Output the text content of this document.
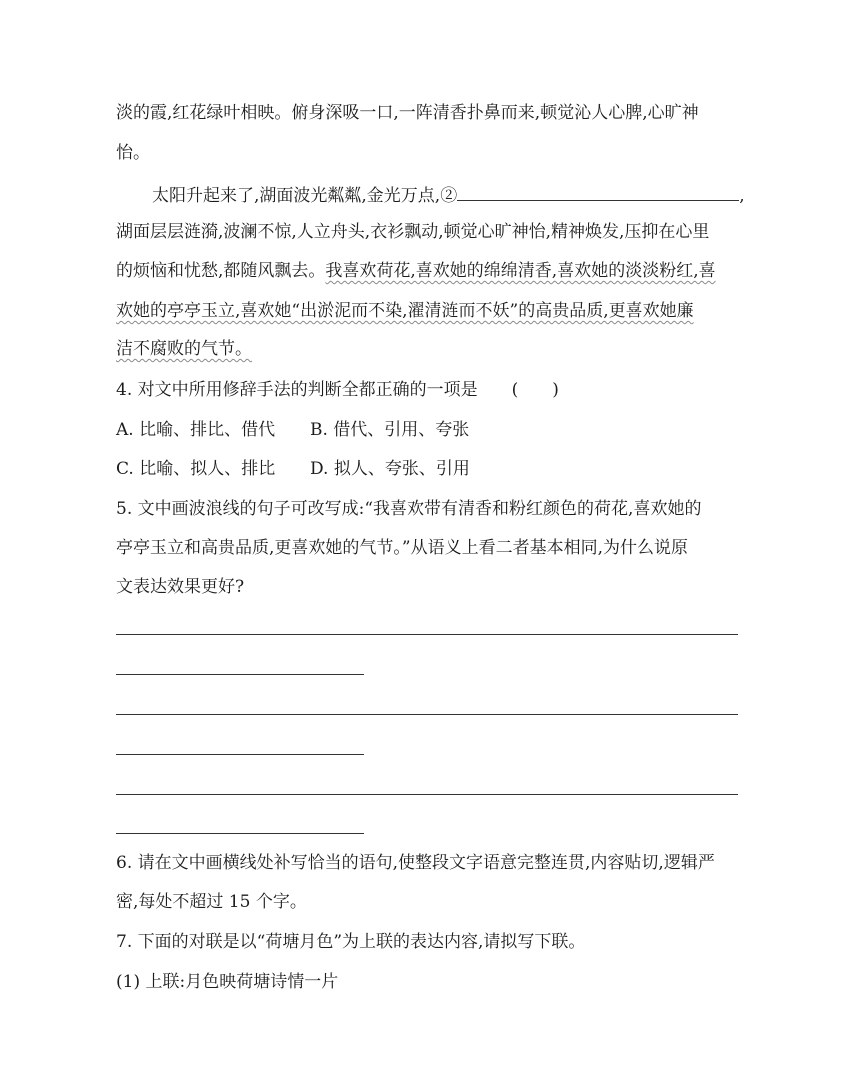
淡的霞,红花绿叶相映。俯身深吸一口,一阵清香扑鼻而来,顿觉沁人心脾,心旷神
怡。
太阳升起来了,湖面波光粼粼,金光万点,②	,
湖面层层涟漪,波澜不惊,人立舟头,衣衫飘动,顿觉心旷神怡,精神焕发,压抑在心里
的烦恼和忧愁,都随风飘去。我喜欢荷花,喜欢她的绵绵清香,喜欢她的淡淡粉红,喜
欢她的亭亭玉立,喜欢她“出淤泥而不染,濯清涟而不妖”的高贵品质,更喜欢她廉
洁不腐败的气节。
4. 对文中所用修辞手法的判断全都正确的一项是 (　　)
A. 比喻、排比、借代 B. 借代、引用、夸张
C. 比喻、拟人、排比 D. 拟人、夸张、引用
5. 文中画波浪线的句子可改写成:“我喜欢带有清香和粉红颜色的荷花,喜欢她的
亭亭玉立和高贵品质,更喜欢她的气节。”从语义上看二者基本相同,为什么说原
文表达效果更好?
6. 请在文中画横线处补写恰当的语句,使整段文字语意完整连贯,内容贴切,逻辑严
密,每处不超过 15 个字。
7. 下面的对联是以“荷塘月色”为上联的表达内容,请拟写下联。
(1) 上联:月色映荷塘诗情一片
